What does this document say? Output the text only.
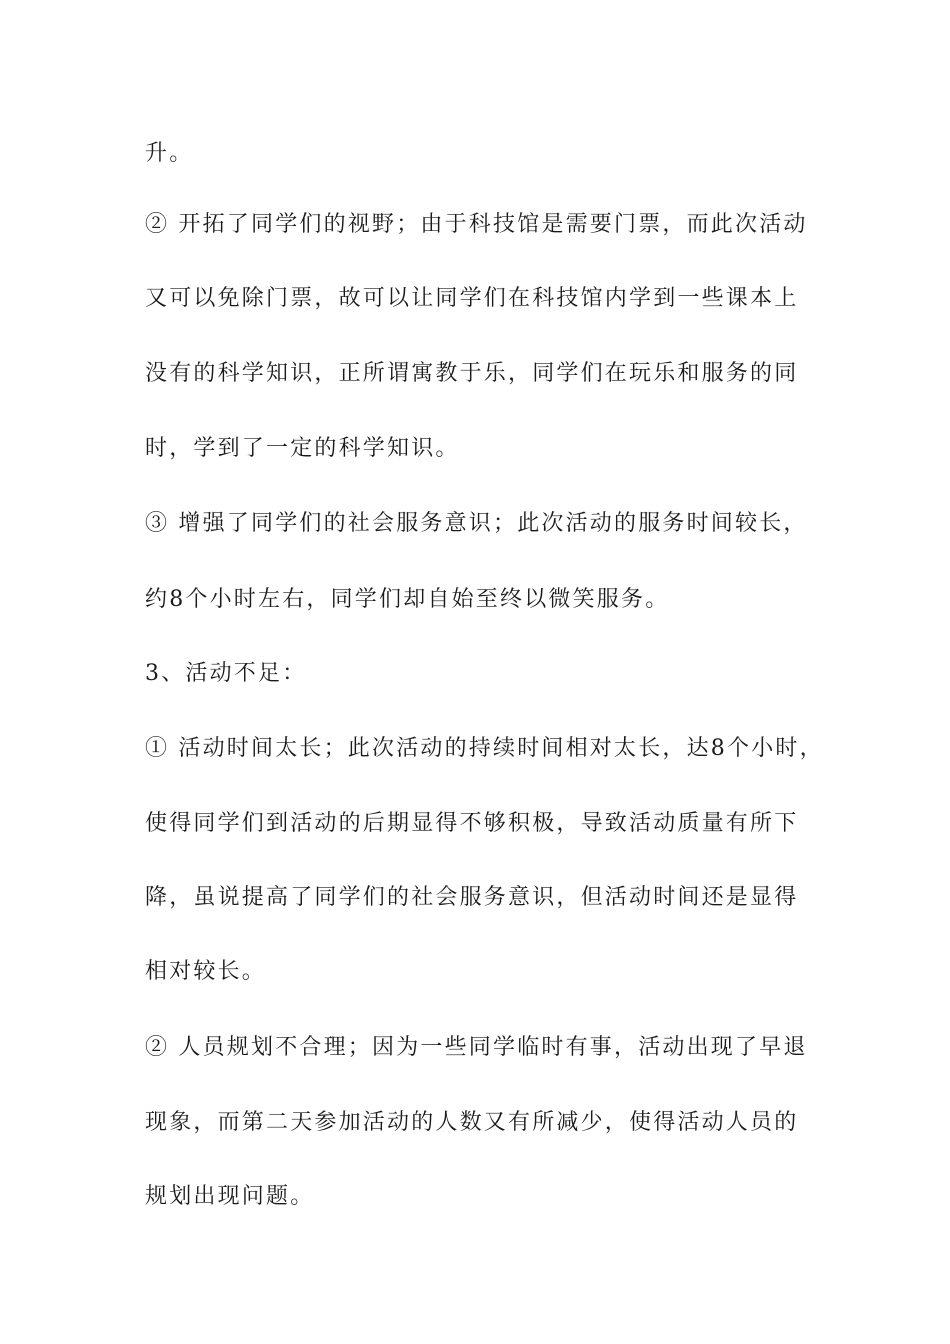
升。
② 开拓了同学们的视野；由于科技馆是需要门票，而此次活动
又可以免除门票，故可以让同学们在科技馆内学到一些课本上
没有的科学知识，正所谓寓教于乐，同学们在玩乐和服务的同
时，学到了一定的科学知识。
③ 增强了同学们的社会服务意识；此次活动的服务时间较长，
约8个小时左右，同学们却自始至终以微笑服务。
3、活动不足：
① 活动时间太长；此次活动的持续时间相对太长，达8个小时，
使得同学们到活动的后期显得不够积极，导致活动质量有所下
降，虽说提高了同学们的社会服务意识，但活动时间还是显得
相对较长。
② 人员规划不合理；因为一些同学临时有事，活动出现了早退
现象，而第二天参加活动的人数又有所减少，使得活动人员的
规划出现问题。
